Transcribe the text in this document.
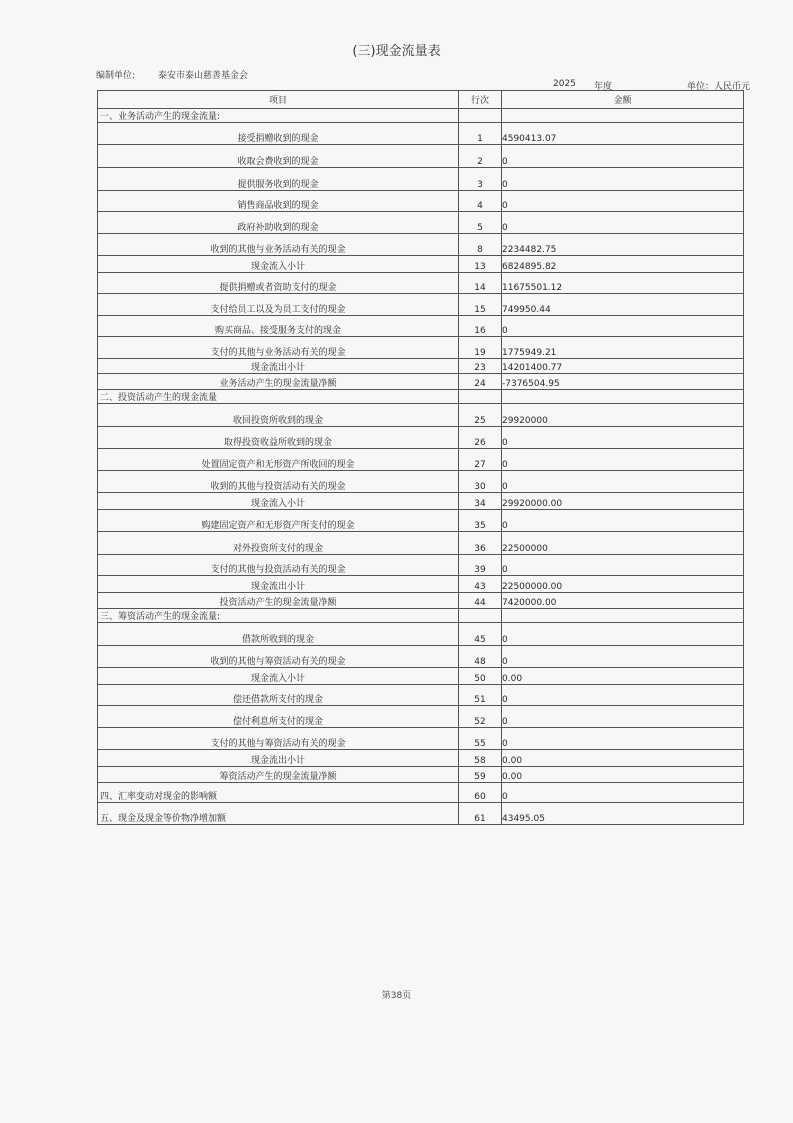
(三)现金流量表
编制单位:	泰安市泰山慈善基金会
2025 年度	单位：人民币元
项目	行次	金额
一、业务活动产生的现金流量:		
接受捐赠收到的现金	1	4590413.07
收取会费收到的现金	2	0
提供服务收到的现金	3	0
销售商品收到的现金	4	0
政府补助收到的现金	5	0
收到的其他与业务活动有关的现金	8	2234482.75
现金流入小计	13	6824895.82
提供捐赠或者资助支付的现金	14	11675501.12
支付给员工以及为员工支付的现金	15	749950.44
购买商品、接受服务支付的现金	16	0
支付的其他与业务活动有关的现金	19	1775949.21
现金流出小计	23	14201400.77
业务活动产生的现金流量净额	24	-7376504.95
二、投资活动产生的现金流量		
收回投资所收到的现金	25	29920000
取得投资收益所收到的现金	26	0
处置固定资产和无形资产所收回的现金	27	0
收到的其他与投资活动有关的现金	30	0
现金流入小计	34	29920000.00
购建固定资产和无形资产所支付的现金	35	0
对外投资所支付的现金	36	22500000
支付的其他与投资活动有关的现金	39	0
现金流出小计	43	22500000.00
投资活动产生的现金流量净额	44	7420000.00
三、筹资活动产生的现金流量:		
借款所收到的现金	45	0
收到的其他与筹资活动有关的现金	48	0
现金流入小计	50	0.00
偿还借款所支付的现金	51	0
偿付利息所支付的现金	52	0
支付的其他与筹资活动有关的现金	55	0
现金流出小计	58	0.00
筹资活动产生的现金流量净额	59	0.00
四、汇率变动对现金的影响额	60	0
五、现金及现金等价物净增加额	61	43495.05
第38页
